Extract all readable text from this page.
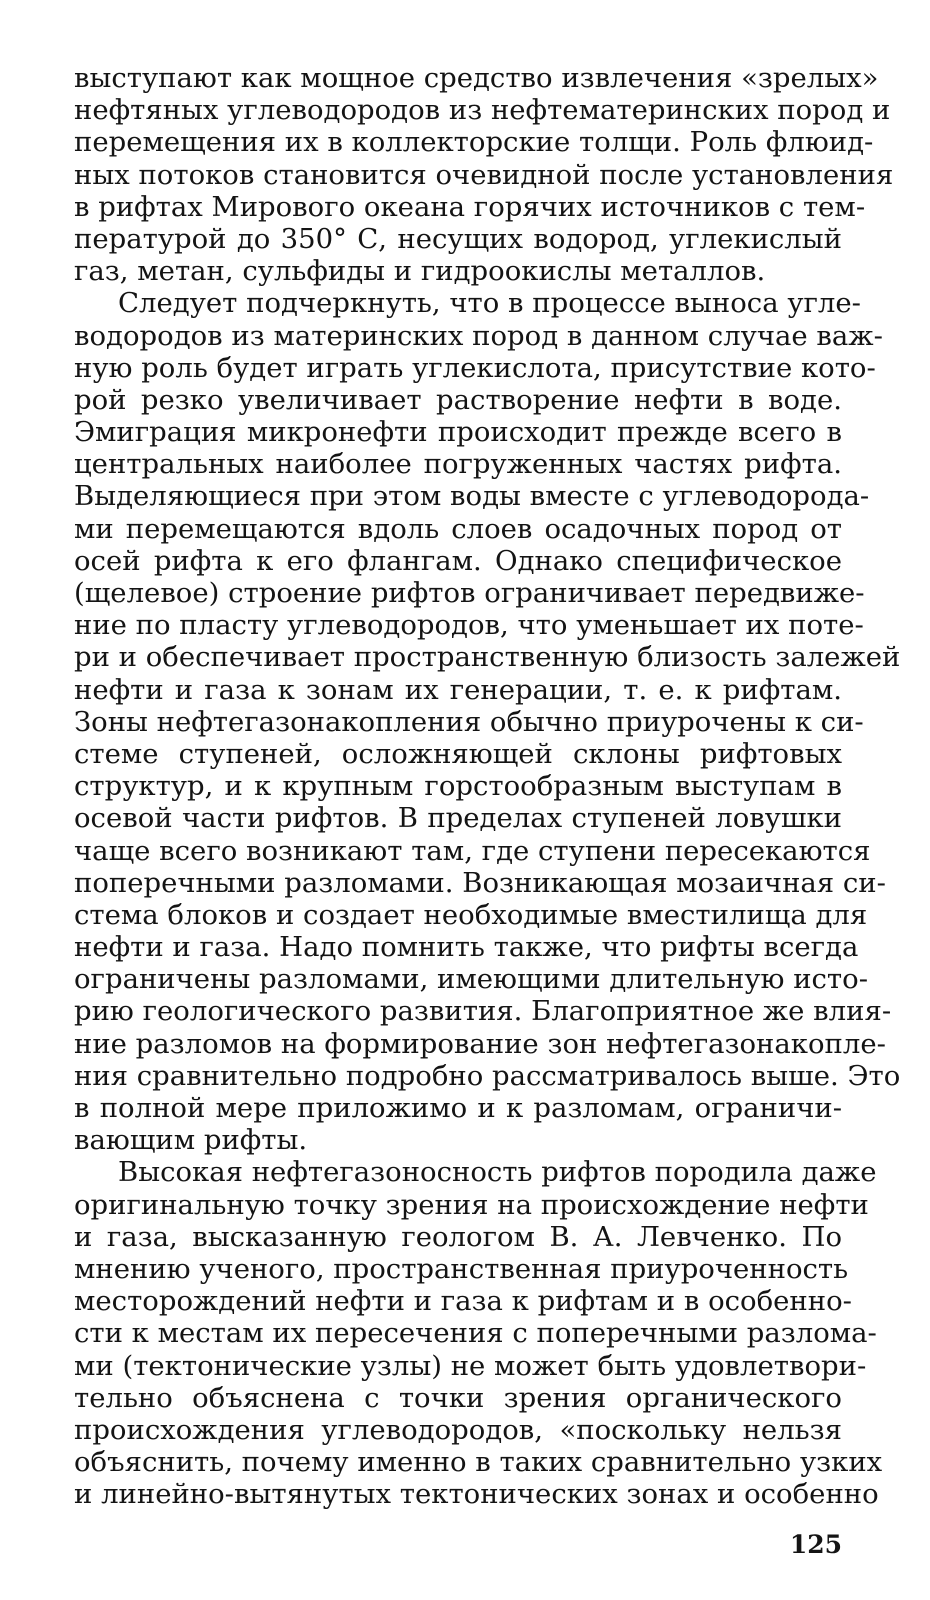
выступают как мощное средство извлечения «зрелых»
нефтяных углеводородов из нефтематеринских пород и
перемещения их в коллекторские толщи. Роль флюид-
ных потоков становится очевидной после установления
в рифтах Мирового океана горячих источников с тем-
пературой до 350° С, несущих водород, углекислый
газ, метан, сульфиды и гидроокислы металлов.
Следует подчеркнуть, что в процессе выноса угле-
водородов из материнских пород в данном случае важ-
ную роль будет играть углекислота, присутствие кото-
рой резко увеличивает растворение нефти в воде.
Эмиграция микронефти происходит прежде всего в
центральных наиболее погруженных частях рифта.
Выделяющиеся при этом воды вместе с углеводорода-
ми перемещаются вдоль слоев осадочных пород от
осей рифта к его флангам. Однако специфическое
(щелевое) строение рифтов ограничивает передвиже-
ние по пласту углеводородов, что уменьшает их поте-
ри и обеспечивает пространственную близость залежей
нефти и газа к зонам их генерации, т. е. к рифтам.
Зоны нефтегазонакопления обычно приурочены к си-
стеме ступеней, осложняющей склоны рифтовых
структур, и к крупным горстообразным выступам в
осевой части рифтов. В пределах ступеней ловушки
чаще всего возникают там, где ступени пересекаются
поперечными разломами. Возникающая мозаичная си-
стема блоков и создает необходимые вместилища для
нефти и газа. Надо помнить также, что рифты всегда
ограничены разломами, имеющими длительную исто-
рию геологического развития. Благоприятное же влия-
ние разломов на формирование зон нефтегазонакопле-
ния сравнительно подробно рассматривалось выше. Это
в полной мере приложимо и к разломам, ограничи-
вающим рифты.
Высокая нефтегазоносность рифтов породила даже
оригинальную точку зрения на происхождение нефти
и газа, высказанную геологом В. А. Левченко. По
мнению ученого, пространственная приуроченность
месторождений нефти и газа к рифтам и в особенно-
сти к местам их пересечения с поперечными разлома-
ми (тектонические узлы) не может быть удовлетвори-
тельно объяснена с точки зрения органического
происхождения углеводородов, «поскольку нельзя
объяснить, почему именно в таких сравнительно узких
и линейно-вытянутых тектонических зонах и особенно
125
